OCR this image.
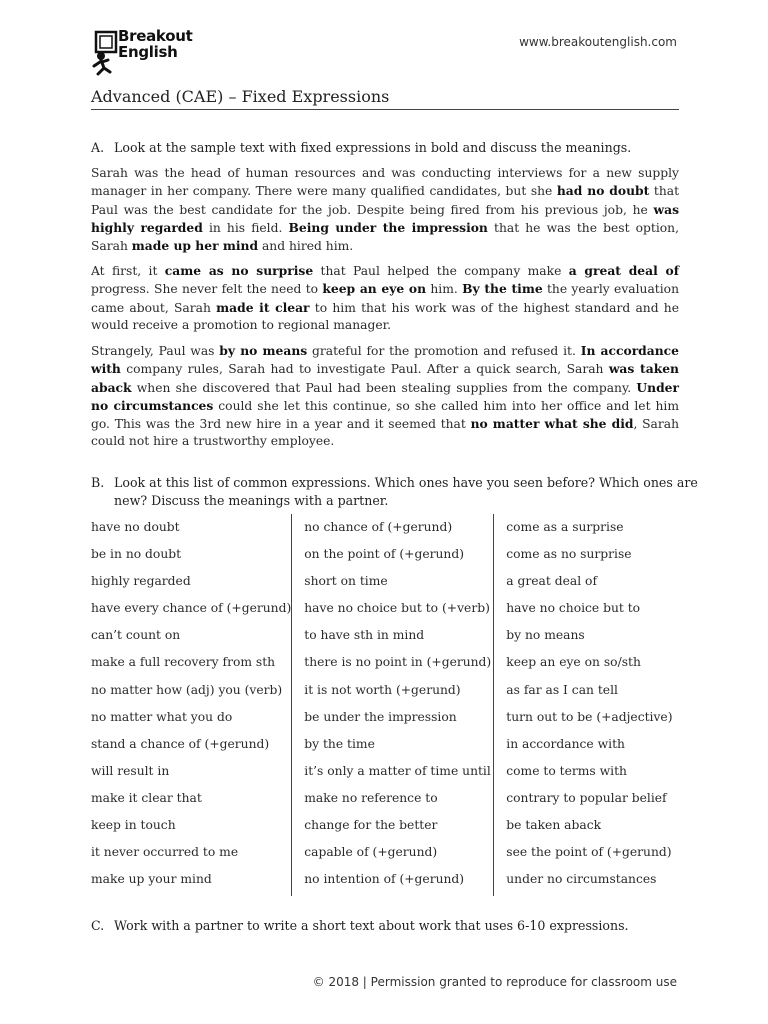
Breakout
English
www.breakoutenglish.com
Advanced (CAE) – Fixed Expressions

A. Look at the sample text with fixed expressions in bold and discuss the meanings.

Sarah was the head of human resources and was conducting interviews for a new supply manager in her company. There were many qualified candidates, but she had no doubt that Paul was the best candidate for the job. Despite being fired from his previous job, he was highly regarded in his field. Being under the impression that he was the best option, Sarah made up her mind and hired him.

At first, it came as no surprise that Paul helped the company make a great deal of progress. She never felt the need to keep an eye on him. By the time the yearly evaluation came about, Sarah made it clear to him that his work was of the highest standard and he would receive a promotion to regional manager.

Strangely, Paul was by no means grateful for the promotion and refused it. In accordance with company rules, Sarah had to investigate Paul. After a quick search, Sarah was taken aback when she discovered that Paul had been stealing supplies from the company. Under no circumstances could she let this continue, so she called him into her office and let him go. This was the 3rd new hire in a year and it seemed that no matter what she did, Sarah could not hire a trustworthy employee.

B. Look at this list of common expressions. Which ones have you seen before? Which ones are new? Discuss the meanings with a partner.

have no doubt
be in no doubt
highly regarded
have every chance of (+gerund)
can’t count on
make a full recovery from sth
no matter how (adj) you (verb)
no matter what you do
stand a chance of (+gerund)
will result in
make it clear that
keep in touch
it never occurred to me
make up your mind
no chance of (+gerund)
on the point of (+gerund)
short on time
have no choice but to (+verb)
to have sth in mind
there is no point in (+gerund)
it is not worth (+gerund)
be under the impression
by the time
it’s only a matter of time until
make no reference to
change for the better
capable of (+gerund)
no intention of (+gerund)
come as a surprise
come as no surprise
a great deal of
have no choice but to
by no means
keep an eye on so/sth
as far as I can tell
turn out to be (+adjective)
in accordance with
come to terms with
contrary to popular belief
be taken aback
see the point of (+gerund)
under no circumstances

C. Work with a partner to write a short text about work that uses 6-10 expressions.

© 2018 | Permission granted to reproduce for classroom use
